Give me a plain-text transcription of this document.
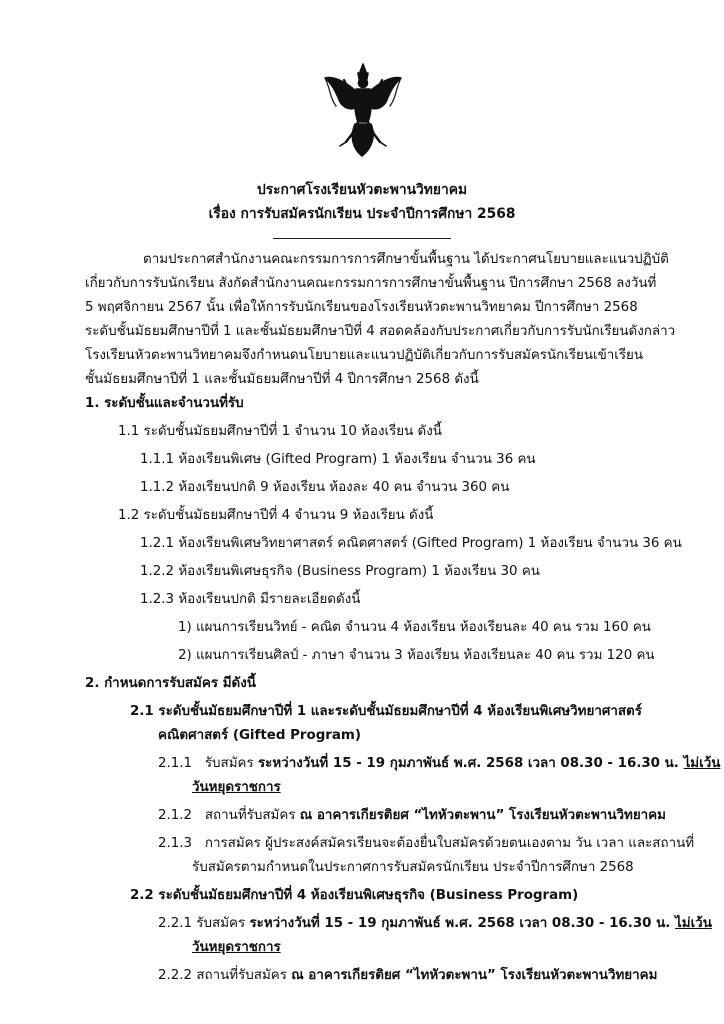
ประกาศโรงเรียนหัวตะพานวิทยาคม
เรื่อง การรับสมัครนักเรียน ประจำปีการศึกษา 2568
ตามประกาศสำนักงานคณะกรรมการการศึกษาขั้นพื้นฐาน ได้ประกาศนโยบายและแนวปฏิบัติ
เกี่ยวกับการรับนักเรียน สังกัดสำนักงานคณะกรรมการการศึกษาขั้นพื้นฐาน ปีการศึกษา 2568 ลงวันที่
5 พฤศจิกายน 2567 นั้น เพื่อให้การรับนักเรียนของโรงเรียนหัวตะพานวิทยาคม ปีการศึกษา 2568
ระดับชั้นมัธยมศึกษาปีที่ 1 และชั้นมัธยมศึกษาปีที่ 4 สอดคล้องกับประกาศเกี่ยวกับการรับนักเรียนดังกล่าว
โรงเรียนหัวตะพานวิทยาคมจึงกำหนดนโยบายและแนวปฏิบัติเกี่ยวกับการรับสมัครนักเรียนเข้าเรียน
ชั้นมัธยมศึกษาปีที่ 1 และชั้นมัธยมศึกษาปีที่ 4 ปีการศึกษา 2568 ดังนี้
1. ระดับชั้นและจำนวนที่รับ
1.1 ระดับชั้นมัธยมศึกษาปีที่ 1 จำนวน 10 ห้องเรียน ดังนี้
1.1.1 ห้องเรียนพิเศษ (Gifted Program) 1 ห้องเรียน จำนวน 36 คน
1.1.2 ห้องเรียนปกติ 9 ห้องเรียน ห้องละ 40 คน จำนวน 360 คน
1.2 ระดับชั้นมัธยมศึกษาปีที่ 4 จำนวน 9 ห้องเรียน ดังนี้
1.2.1 ห้องเรียนพิเศษวิทยาศาสตร์ คณิตศาสตร์ (Gifted Program) 1 ห้องเรียน จำนวน 36 คน
1.2.2 ห้องเรียนพิเศษธุรกิจ (Business Program) 1 ห้องเรียน 30 คน
1.2.3 ห้องเรียนปกติ มีรายละเอียดดังนี้
1) แผนการเรียนวิทย์ - คณิต จำนวน 4 ห้องเรียน ห้องเรียนละ 40 คน รวม 160 คน
2) แผนการเรียนศิลป์ - ภาษา จำนวน 3 ห้องเรียน ห้องเรียนละ 40 คน รวม 120 คน
2. กำหนดการรับสมัคร มีดังนี้
2.1 ระดับชั้นมัธยมศึกษาปีที่ 1 และระดับชั้นมัธยมศึกษาปีที่ 4 ห้องเรียนพิเศษวิทยาศาสตร์
คณิตศาสตร์ (Gifted Program)
2.1.1 รับสมัคร ระหว่างวันที่ 15 - 19 กุมภาพันธ์ พ.ศ. 2568 เวลา 08.30 - 16.30 น. ไม่เว้น
วันหยุดราชการ
2.1.2 สถานที่รับสมัคร ณ อาคารเกียรติยศ “ไทหัวตะพาน” โรงเรียนหัวตะพานวิทยาคม
2.1.3 การสมัคร ผู้ประสงค์สมัครเรียนจะต้องยื่นใบสมัครด้วยตนเองตาม วัน เวลา และสถานที่
รับสมัครตามกำหนดในประกาศการรับสมัครนักเรียน ประจำปีการศึกษา 2568
2.2 ระดับชั้นมัธยมศึกษาปีที่ 4 ห้องเรียนพิเศษธุรกิจ (Business Program)
2.2.1 รับสมัคร ระหว่างวันที่ 15 - 19 กุมภาพันธ์ พ.ศ. 2568 เวลา 08.30 - 16.30 น. ไม่เว้น
วันหยุดราชการ
2.2.2 สถานที่รับสมัคร ณ อาคารเกียรติยศ “ไทหัวตะพาน” โรงเรียนหัวตะพานวิทยาคม
